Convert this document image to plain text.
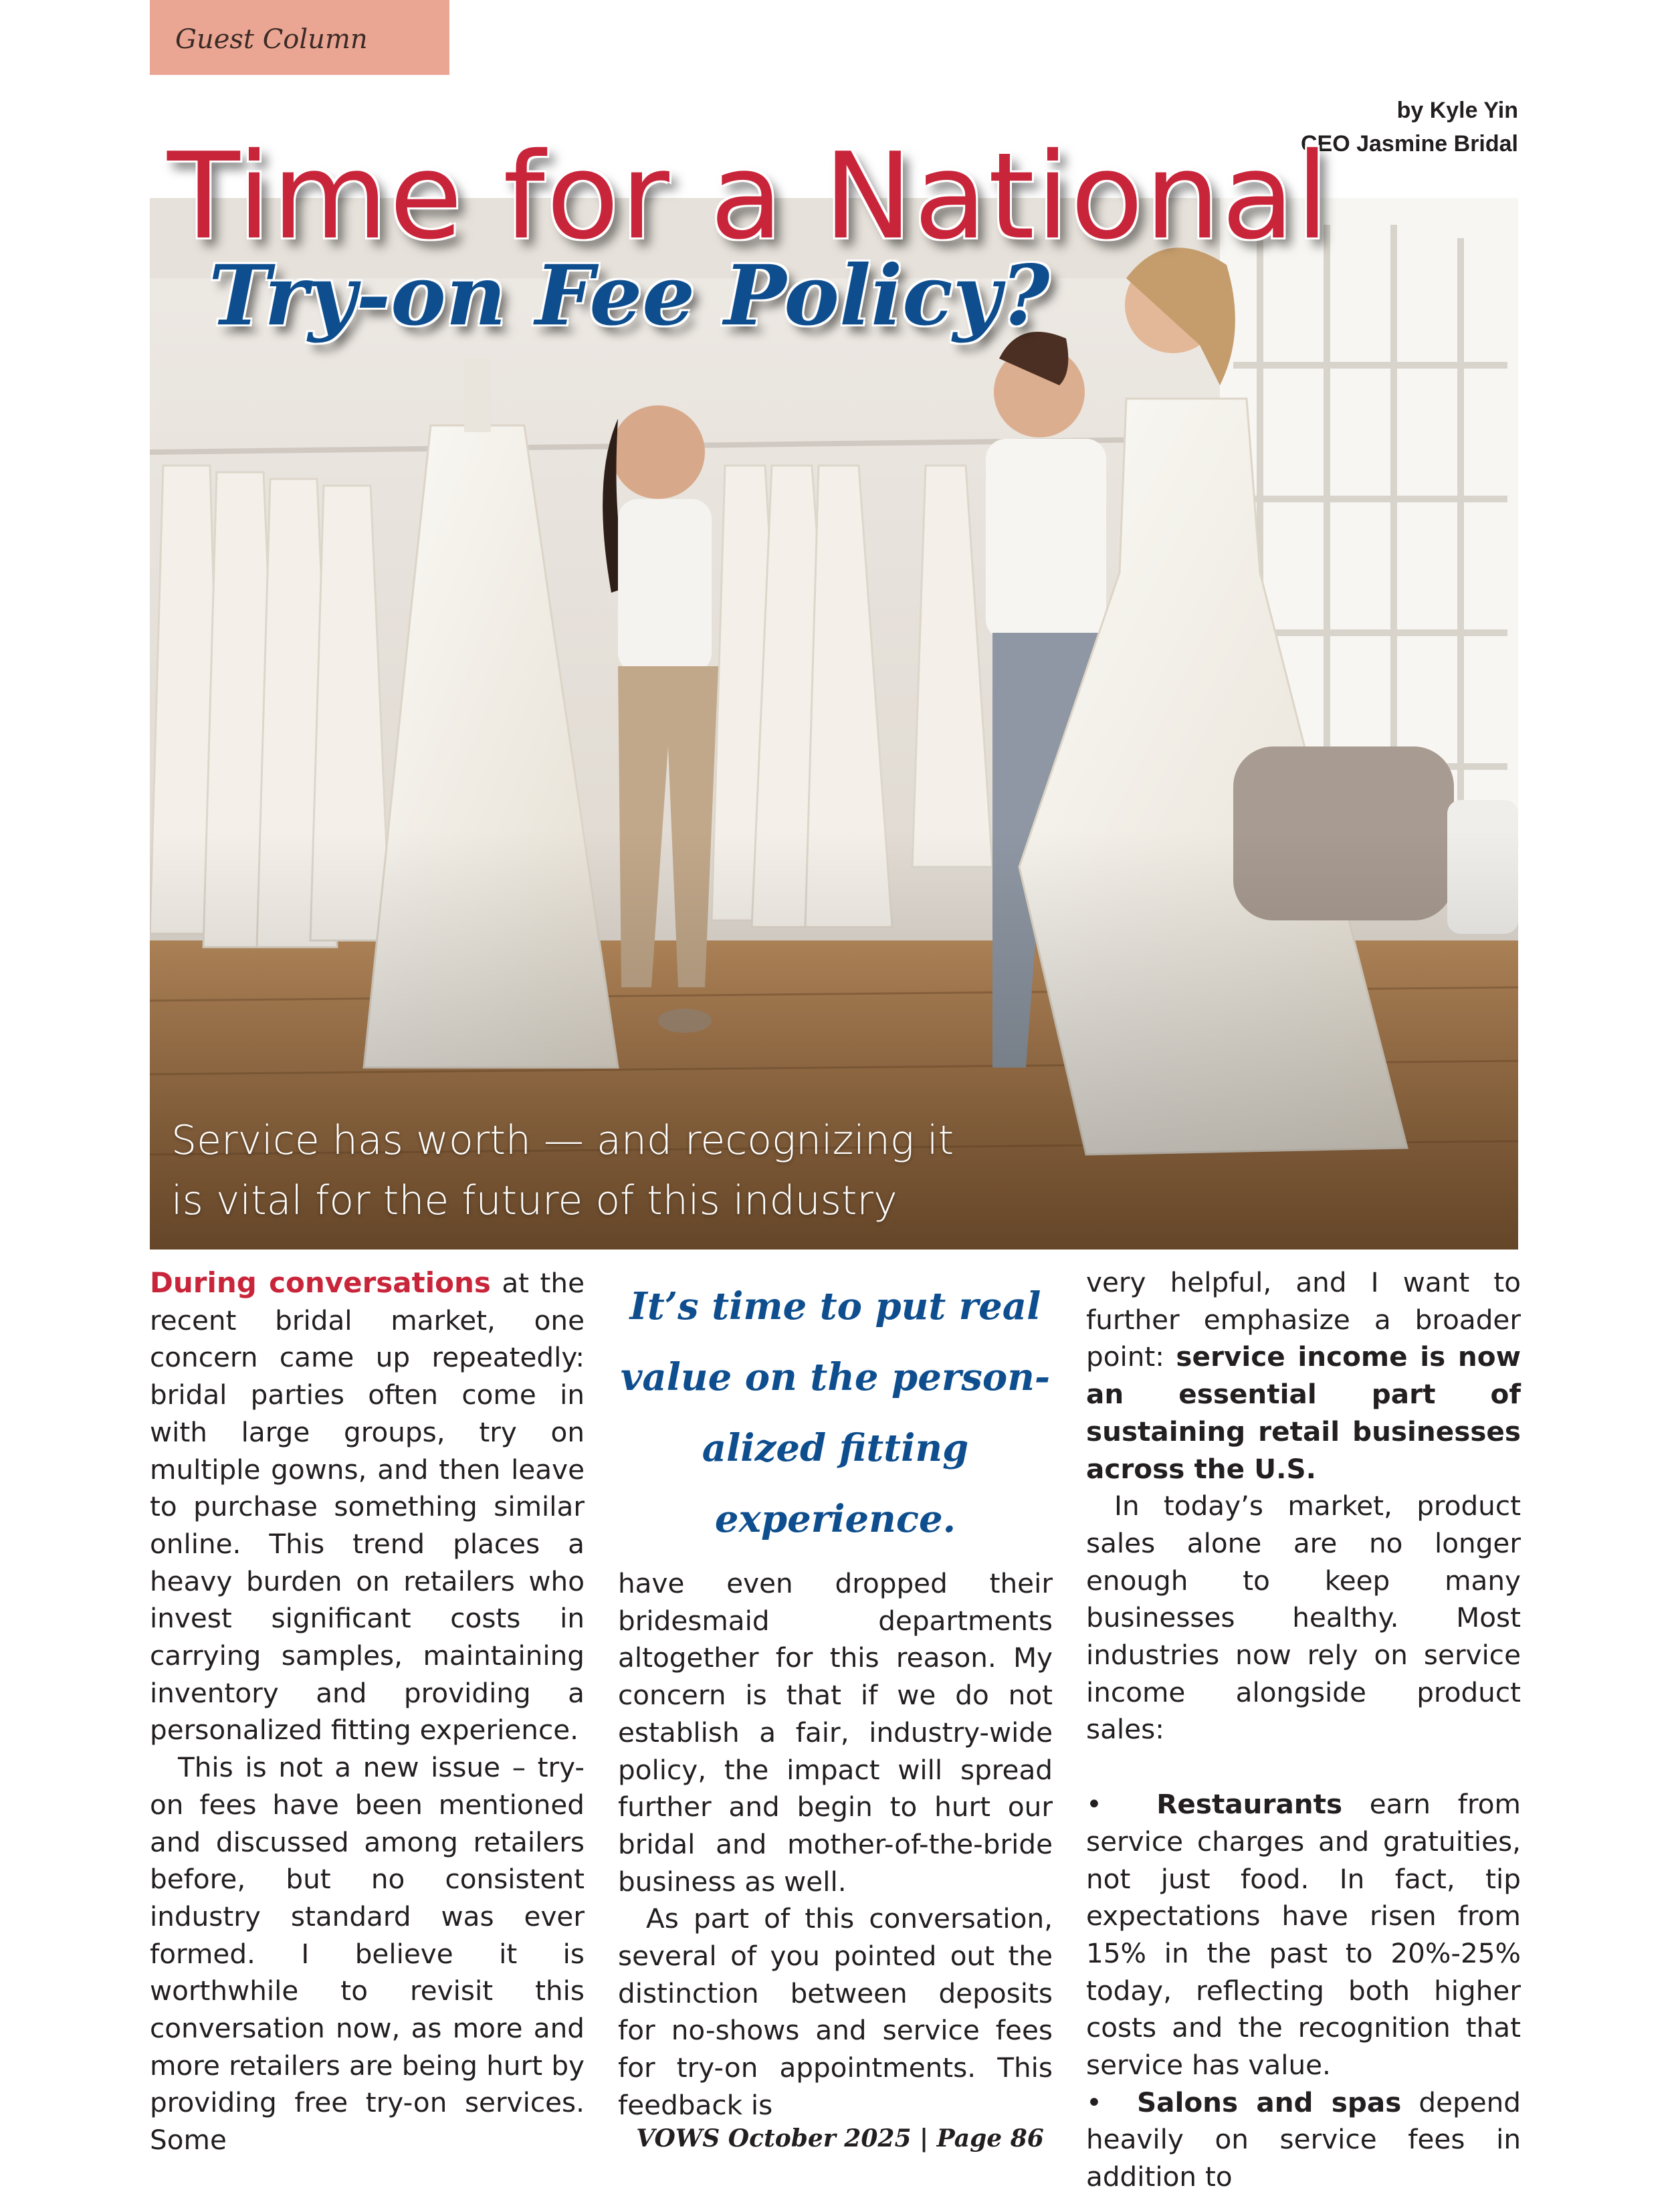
Guest Column
by Kyle Yin
CEO Jasmine Bridal
Time for a National
Try-on Fee Policy?
Service has worth — and recognizing it
is vital for the future of this industry

During conversations at the recent bridal market, one concern came up repeatedly: bridal parties often come in with large groups, try on multiple gowns, and then leave to purchase something similar online. This trend places a heavy burden on retailers who invest significant costs in carrying samples, maintaining inventory and providing a personalized fitting experience.

This is not a new issue – try-on fees have been mentioned and discussed among retailers before, but no consistent industry standard was ever formed. I believe it is worthwhile to revisit this conversation now, as more and more retailers are being hurt by providing free try-on services. Some

It’s time to put real
value on the person-
alized fitting
experience.

have even dropped their bridesmaid departments altogether for this reason. My concern is that if we do not establish a fair, industry-wide policy, the impact will spread further and begin to hurt our bridal and mother-of-the-bride business as well.

As part of this conversation, several of you pointed out the distinction between deposits for no-shows and service fees for try-on appointments. This feedback is

very helpful, and I want to further emphasize a broader point: service income is now an essential part of sustaining retail businesses across the U.S.

In today’s market, product sales alone are no longer enough to keep many businesses healthy. Most industries now rely on service income alongside product sales:

•  Restaurants earn from service charges and gratuities, not just food. In fact, tip expectations have risen from 15% in the past to 20%-25% today, reflecting both higher costs and the recognition that service has value.

•  Salons and spas depend heavily on service fees in addition to

VOWS October 2025 | Page 86
